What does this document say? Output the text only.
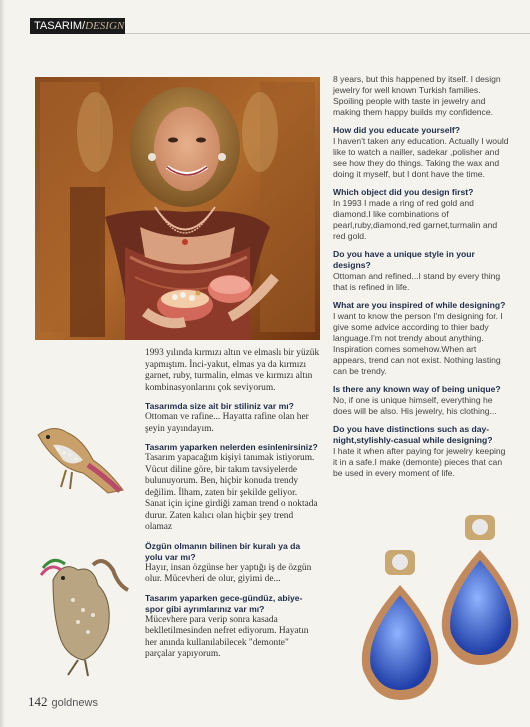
TASARIM/DESIGN
8 years, but this happened by itself. I design jewelry for well known Turkish families. Spoiling people with taste in jewelry and making them happy builds my confidence.
How did you educate yourself?
I haven't taken any education. Actually I would like to watch a nailler, sadekar ,polisher and see how they do things. Taking the wax and doing it myself, but I dont have the time.
Which object did you design first?
In 1993 I made a ring of red gold and diamond.I like combinations of pearl,ruby,diamond,red garnet,turmalin and red gold.
Do you have a unique style in your designs?
Ottoman and refined...I stand by every thing that is refined in life.
What are you inspired of while designing?
I want to know the person I'm designing for. I give some advice according to thier bady language.I'm not trendy about anything. Inspiration comes somehow.When art appears, trend can not exist. Nothing lasting can be trendy.
Is there any known way of being unique?
No, if one is unique himself, everything he does will be also. His jewelry, his clothing...
Do you have distinctions such as day-night,stylishly-casual while designing?
I hate it when after paying for jewelry keeping it in a safe.I make (demonte) pieces that can be used in every moment of life.
1993 yılında kırmızı altın ve elmaslı bir yüzük yapmıştım. İnci-yakut, elmas ya da kırmızı garnet, ruby, turmalin, elmas ve kırmızı altın kombinasyonlarını çok seviyorum.
Tasarımda size ait bir stiliniz var mı?
Ottoman ve rafine... Hayatta rafine olan her şeyin yayındayım.
Tasarım yaparken nelerden esinlenirsiniz?
Tasarım yapacağım kişiyi tanımak istiyorum. Vücut diline göre, bir takım tavsiyelerde bulunuyorum. Ben, hiçbir konuda trendy değilim. İlham, zaten bir şekilde geliyor. Sanat için içine girdiği zaman trend o noktada durur. Zaten kalıcı olan hiçbir şey trend olamaz
Özgün olmanın bilinen bir kuralı ya da yolu var mı?
Hayır, insan özgünse her yaptığı iş de özgün olur. Mücevheri de olur, giyimi de...
Tasarım yaparken gece-gündüz, abiye-spor gibi ayrımlarınız var mı?
Mücevhere para verip sonra kasada beklletilmesinden nefret ediyorum. Hayatın her anında kullanılabilecek "demonte" parçalar yapıyorum.
142 goldnews
